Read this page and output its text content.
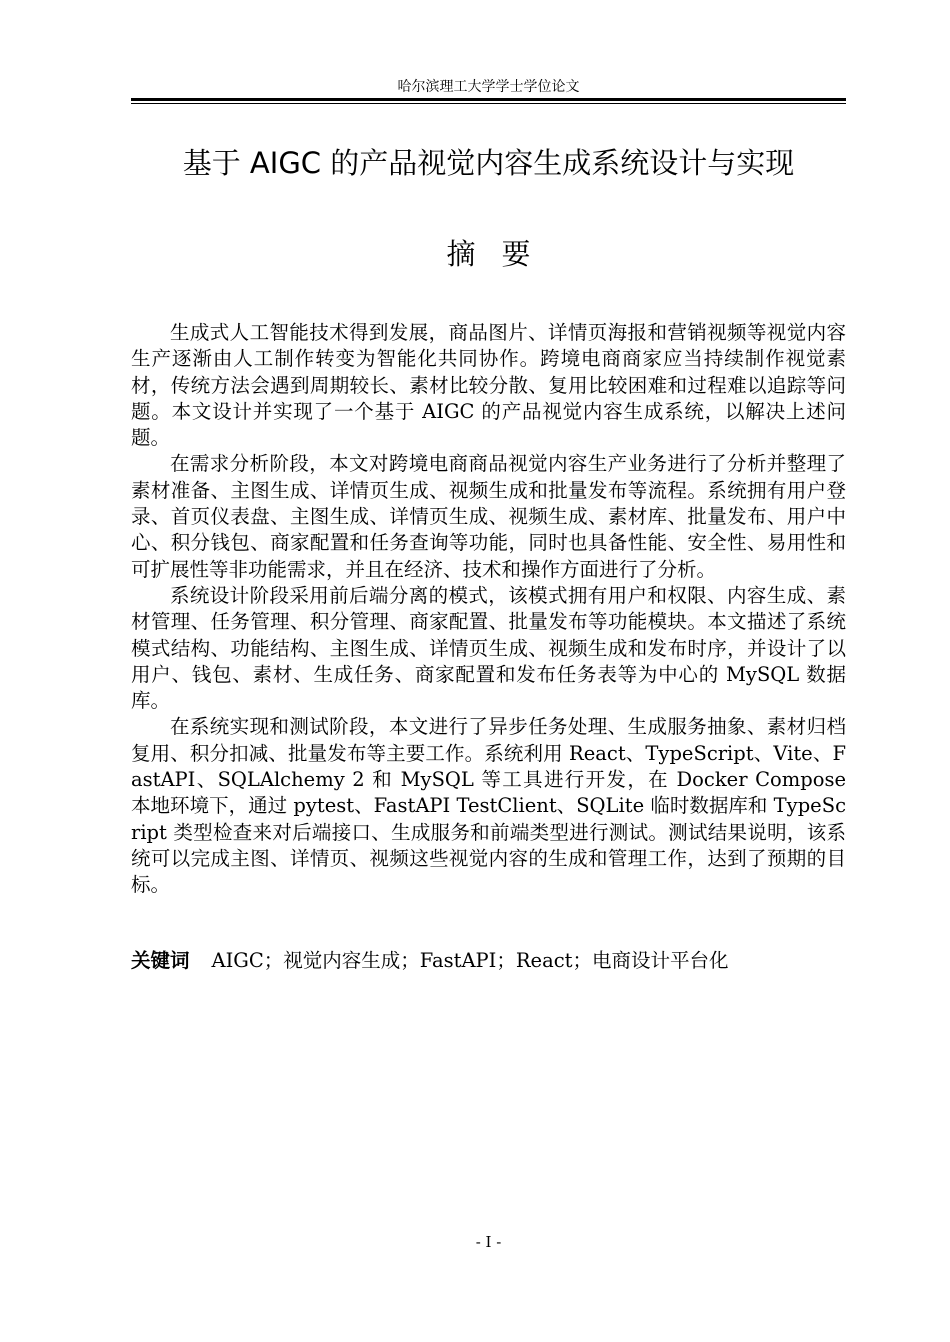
哈尔滨理工大学学士学位论文
基于 AIGC 的产品视觉内容生成系统设计与实现
摘要

生成式人工智能技术得到发展，商品图片、详情页海报和营销视频等视觉内容生产逐渐由人工制作转变为智能化共同协作。跨境电商商家应当持续制作视觉素材，传统方法会遇到周期较长、素材比较分散、复用比较困难和过程难以追踪等问题。本文设计并实现了一个基于 AIGC 的产品视觉内容生成系统，以解决上述问题。

在需求分析阶段，本文对跨境电商商品视觉内容生产业务进行了分析并整理了素材准备、主图生成、详情页生成、视频生成和批量发布等流程。系统拥有用户登录、首页仪表盘、主图生成、详情页生成、视频生成、素材库、批量发布、用户中心、积分钱包、商家配置和任务查询等功能，同时也具备性能、安全性、易用性和可扩展性等非功能需求，并且在经济、技术和操作方面进行了分析。

系统设计阶段采用前后端分离的模式，该模式拥有用户和权限、内容生成、素材管理、任务管理、积分管理、商家配置、批量发布等功能模块。本文描述了系统模式结构、功能结构、主图生成、详情页生成、视频生成和发布时序，并设计了以用户、钱包、素材、生成任务、商家配置和发布任务表等为中心的 MySQL 数据库。

在系统实现和测试阶段，本文进行了异步任务处理、生成服务抽象、素材归档复用、积分扣减、批量发布等主要工作。系统利用 React、TypeScript、Vite、FastAPI、SQLAlchemy 2 和 MySQL 等工具进行开发，在 Docker Compose 本地环境下，通过 pytest、FastAPI TestClient、SQLite 临时数据库和 TypeScript 类型检查来对后端接口、生成服务和前端类型进行测试。测试结果说明，该系统可以完成主图、详情页、视频这些视觉内容的生成和管理工作，达到了预期的目标。

关键词 AIGC；视觉内容生成；FastAPI；React；电商设计平台化
- I -
